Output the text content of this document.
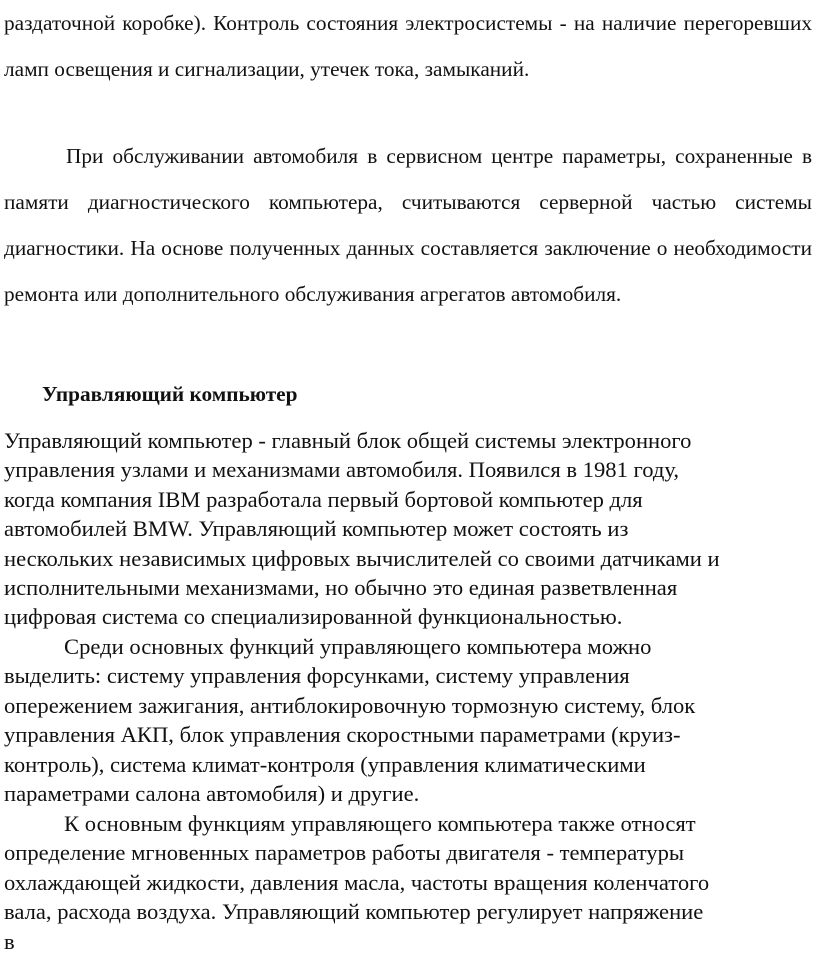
раздаточной коробке). Контроль состояния электросистемы - на наличие перегоревших ламп освещения и сигнализации, утечек тока, замыканий.

При обслуживании автомобиля в сервисном центре параметры, сохраненные в памяти диагностического компьютера, считываются серверной частью системы диагностики. На основе полученных данных составляется заключение о необходимости ремонта или дополнительного обслуживания агрегатов автомобиля.

Управляющий компьютер

Управляющий компьютер - главный блок общей системы электронного
управления узлами и механизмами автомобиля. Появился в 1981 году,
когда компания IBM разработала первый бортовой компьютер для
автомобилей BMW. Управляющий компьютер может состоять из
нескольких независимых цифровых вычислителей со своими датчиками и
исполнительными механизмами, но обычно это единая разветвленная
цифровая система со специализированной функциональностью.

Среди основных функций управляющего компьютера можно
выделить: систему управления форсунками, систему управления
опережением зажигания, антиблокировочную тормозную систему, блок
управления АКП, блок управления скоростными параметрами (круиз-
контроль), система климат-контроля (управления климатическими
параметрами салона автомобиля) и другие.

К основным функциям управляющего компьютера также относят
определение мгновенных параметров работы двигателя - температуры
охлаждающей жидкости, давления масла, частоты вращения коленчатого
вала, расхода воздуха. Управляющий компьютер регулирует напряжение
в
